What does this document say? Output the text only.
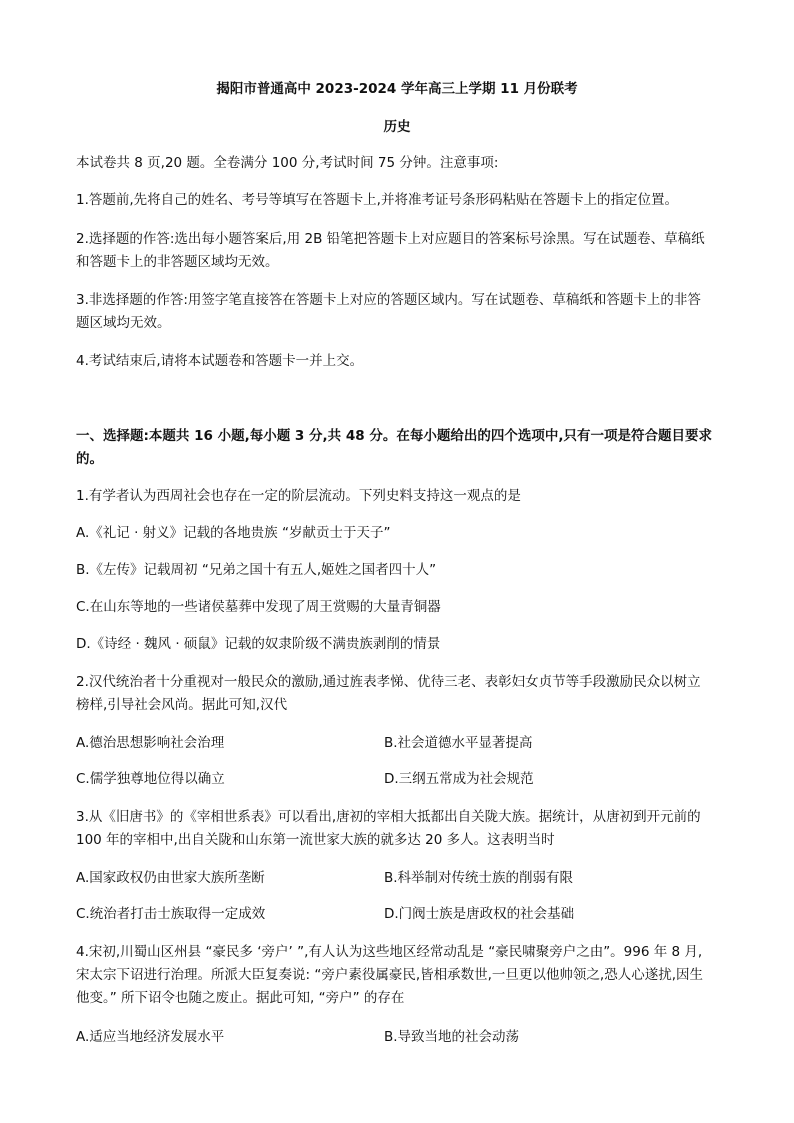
揭阳市普通高中 2023-2024 学年高三上学期 11 月份联考
历史
本试卷共 8 页,20 题。全卷满分 100 分,考试时间 75 分钟。注意事项:
1.答题前,先将自己的姓名、考号等填写在答题卡上,并将准考证号条形码粘贴在答题卡上的指定位置。
2.选择题的作答:选出每小题答案后,用 2B 铅笔把答题卡上对应题目的答案标号涂黑。写在试题卷、草稿纸
和答题卡上的非答题区域均无效。
3.非选择题的作答:用签字笔直接答在答题卡上对应的答题区域内。写在试题卷、草稿纸和答题卡上的非答
题区域均无效。
4.考试结束后,请将本试题卷和答题卡一并上交。
一、选择题:本题共 16 小题,每小题 3 分,共 48 分。在每小题给出的四个选项中,只有一项是符合题目要求
的。
1.有学者认为西周社会也存在一定的阶层流动。下列史料支持这一观点的是
A.《礼记 · 射义》记载的各地贵族 “岁献贡士于天子”
B.《左传》记载周初 “兄弟之国十有五人,姬姓之国者四十人”
C.在山东等地的一些诸侯墓葬中发现了周王赏赐的大量青铜器
D.《诗经 · 魏风 · 硕鼠》记载的奴隶阶级不满贵族剥削的情景
2.汉代统治者十分重视对一般民众的激励,通过旌表孝悌、优待三老、表彰妇女贞节等手段激励民众以树立
榜样,引导社会风尚。据此可知,汉代
A.德治思想影响社会治理	B.社会道德水平显著提高
C.儒学独尊地位得以确立	D.三纲五常成为社会规范
3.从《旧唐书》的《宰相世系表》可以看出,唐初的宰相大抵都出自关陇大族。据统计，从唐初到开元前的
100 年的宰相中,出自关陇和山东第一流世家大族的就多达 20 多人。这表明当时
A.国家政权仍由世家大族所垄断	B.科举制对传统士族的削弱有限
C.统治者打击士族取得一定成效	D.门阀士族是唐政权的社会基础
4.宋初,川蜀山区州县 “豪民多 ‘旁户’ ”,有人认为这些地区经常动乱是 “豪民啸聚旁户之由”。996 年 8 月,
宋太宗下诏进行治理。所派大臣复奏说: “旁户素役属豪民,皆相承数世,一旦更以他帅领之,恐人心遂扰,因生
他变。” 所下诏令也随之废止。据此可知, “旁户” 的存在
A.适应当地经济发展水平	B.导致当地的社会动荡
